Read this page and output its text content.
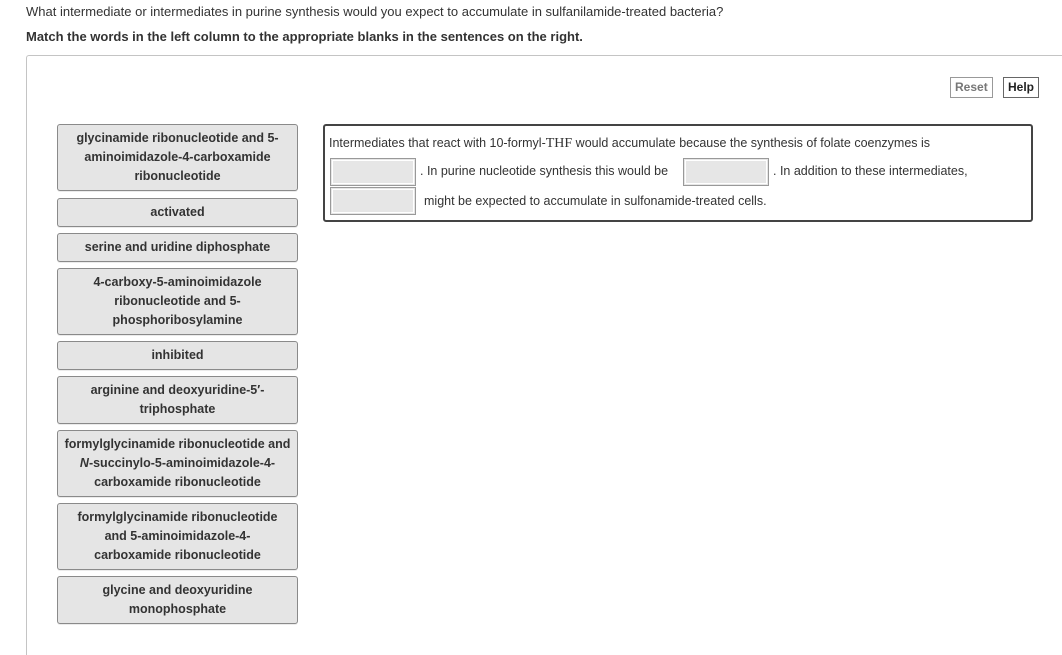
What intermediate or intermediates in purine synthesis would you expect to accumulate in sulfanilamide-treated bacteria?
Match the words in the left column to the appropriate blanks in the sentences on the right.
Reset	Help
glycinamide ribonucleotide and 5-aminoimidazole-4-carboxamide ribonucleotide
activated
serine and uridine diphosphate
4-carboxy-5-aminoimidazole ribonucleotide and 5-phosphoribosylamine
inhibited
arginine and deoxyuridine-5′-triphosphate
formylglycinamide ribonucleotide and N-succinylo-5-aminoimidazole-4-carboxamide ribonucleotide
formylglycinamide ribonucleotide and 5-aminoimidazole-4-carboxamide ribonucleotide
glycine and deoxyuridine monophosphate
Intermediates that react with 10-formyl-THF would accumulate because the synthesis of folate coenzymes is
. In purine nucleotide synthesis this would be	. In addition to these intermediates,
might be expected to accumulate in sulfonamide-treated cells.
